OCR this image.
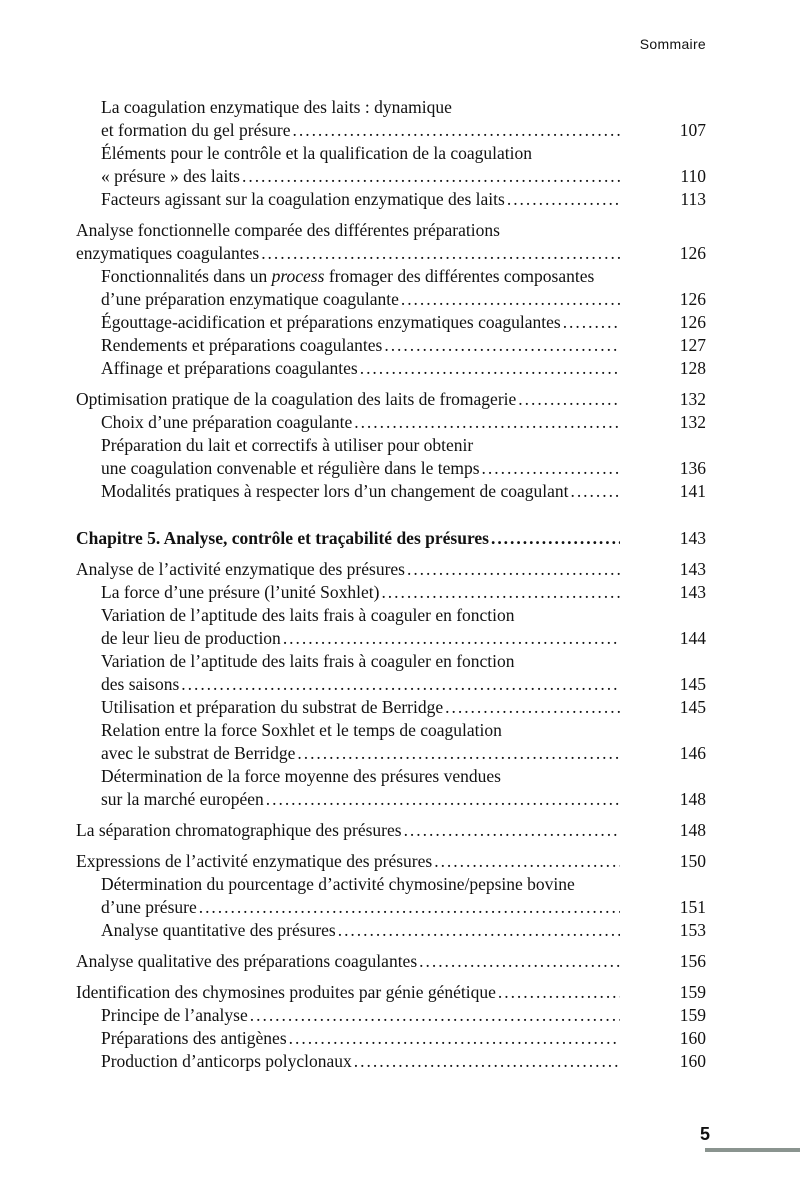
Sommaire
La coagulation enzymatique des laits : dynamique
et formation du gel présure . . .	107
Éléments pour le contrôle et la qualification de la coagulation
« présure » des laits . . .	110
Facteurs agissant sur la coagulation enzymatique des laits . . .	113
Analyse fonctionnelle comparée des différentes préparations
enzymatiques coagulantes . . .	126
Fonctionnalités dans un process fromager des différentes composantes
d’une préparation enzymatique coagulante . . .	126
Égouttage-acidification et préparations enzymatiques coagulantes . . .	126
Rendements et préparations coagulantes . . .	127
Affinage et préparations coagulantes . . .	128
Optimisation pratique de la coagulation des laits de fromagerie . . .	132
Choix d’une préparation coagulante . . .	132
Préparation du lait et correctifs à utiliser pour obtenir
une coagulation convenable et régulière dans le temps . . .	136
Modalités pratiques à respecter lors d’un changement de coagulant . . .	141
Chapitre 5. Analyse, contrôle et traçabilité des présures . . .	143
Analyse de l’activité enzymatique des présures . . .	143
La force d’une présure (l’unité Soxhlet) . . .	143
Variation de l’aptitude des laits frais à coaguler en fonction
de leur lieu de production . . .	144
Variation de l’aptitude des laits frais à coaguler en fonction
des saisons . . .	145
Utilisation et préparation du substrat de Berridge . . .	145
Relation entre la force Soxhlet et le temps de coagulation
avec le substrat de Berridge . . .	146
Détermination de la force moyenne des présures vendues
sur la marché européen . . .	148
La séparation chromatographique des présures . . .	148
Expressions de l’activité enzymatique des présures . . .	150
Détermination du pourcentage d’activité chymosine/pepsine bovine
d’une présure . . .	151
Analyse quantitative des présures . . .	153
Analyse qualitative des préparations coagulantes . . .	156
Identification des chymosines produites par génie génétique . . .	159
Principe de l’analyse . . .	159
Préparations des antigènes . . .	160
Production d’anticorps polyclonaux . . .	160
5
